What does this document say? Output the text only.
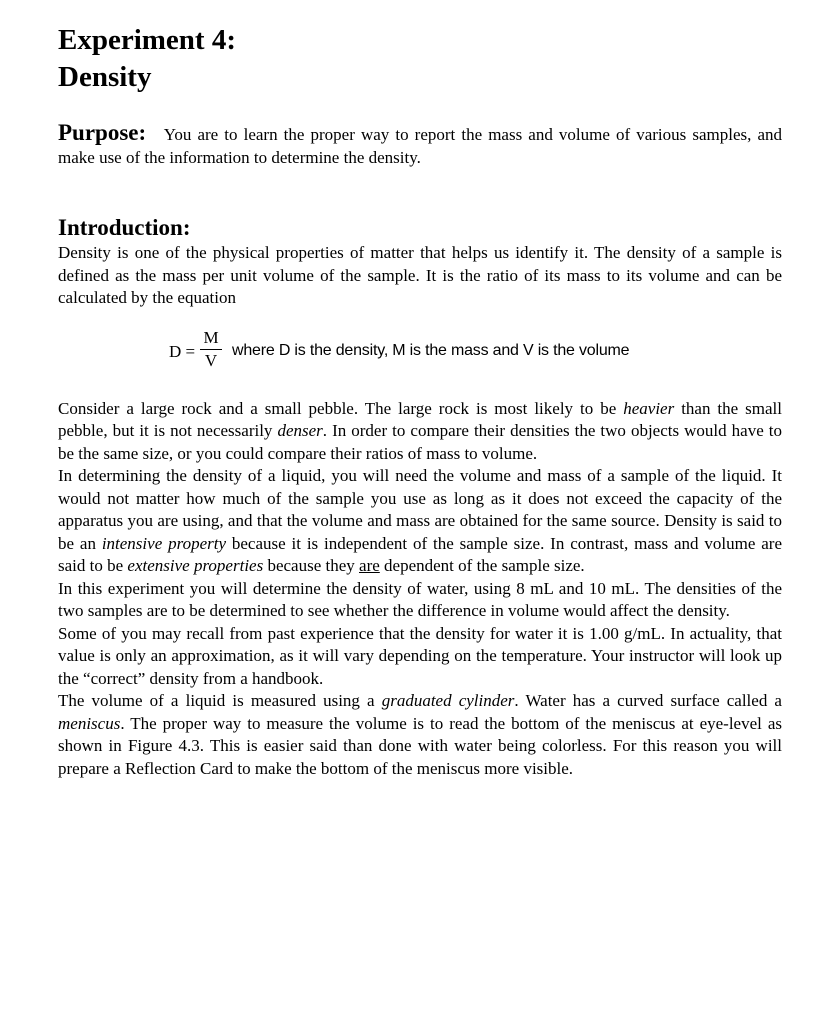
Experiment 4:
Density
Purpose: You are to learn the proper way to report the mass and volume of various samples, and make use of the information to determine the density.
Introduction:

Density is one of the physical properties of matter that helps us identify it. The density of a sample is defined as the mass per unit volume of the sample. It is the ratio of its mass to its volume and can be calculated by the equation

D =
M
V
where D is the density, M is the mass and V is the volume

Consider a large rock and a small pebble. The large rock is most likely to be heavier than the small pebble, but it is not necessarily denser. In order to compare their densities the two objects would have to be the same size, or you could compare their ratios of mass to volume.

In determining the density of a liquid, you will need the volume and mass of a sample of the liquid. It would not matter how much of the sample you use as long as it does not exceed the capacity of the apparatus you are using, and that the volume and mass are obtained for the same source. Density is said to be an intensive property because it is independent of the sample size. In contrast, mass and volume are said to be extensive properties because they are dependent of the sample size.

In this experiment you will determine the density of water, using 8 mL and 10 mL. The densities of the two samples are to be determined to see whether the difference in volume would affect the density.

Some of you may recall from past experience that the density for water it is 1.00 g/mL. In actuality, that value is only an approximation, as it will vary depending on the temperature. Your instructor will look up the “correct” density from a handbook.

The volume of a liquid is measured using a graduated cylinder. Water has a curved surface called a meniscus. The proper way to measure the volume is to read the bottom of the meniscus at eye-level as shown in Figure 4.3. This is easier said than done with water being colorless. For this reason you will prepare a Reflection Card to make the bottom of the meniscus more visible.
